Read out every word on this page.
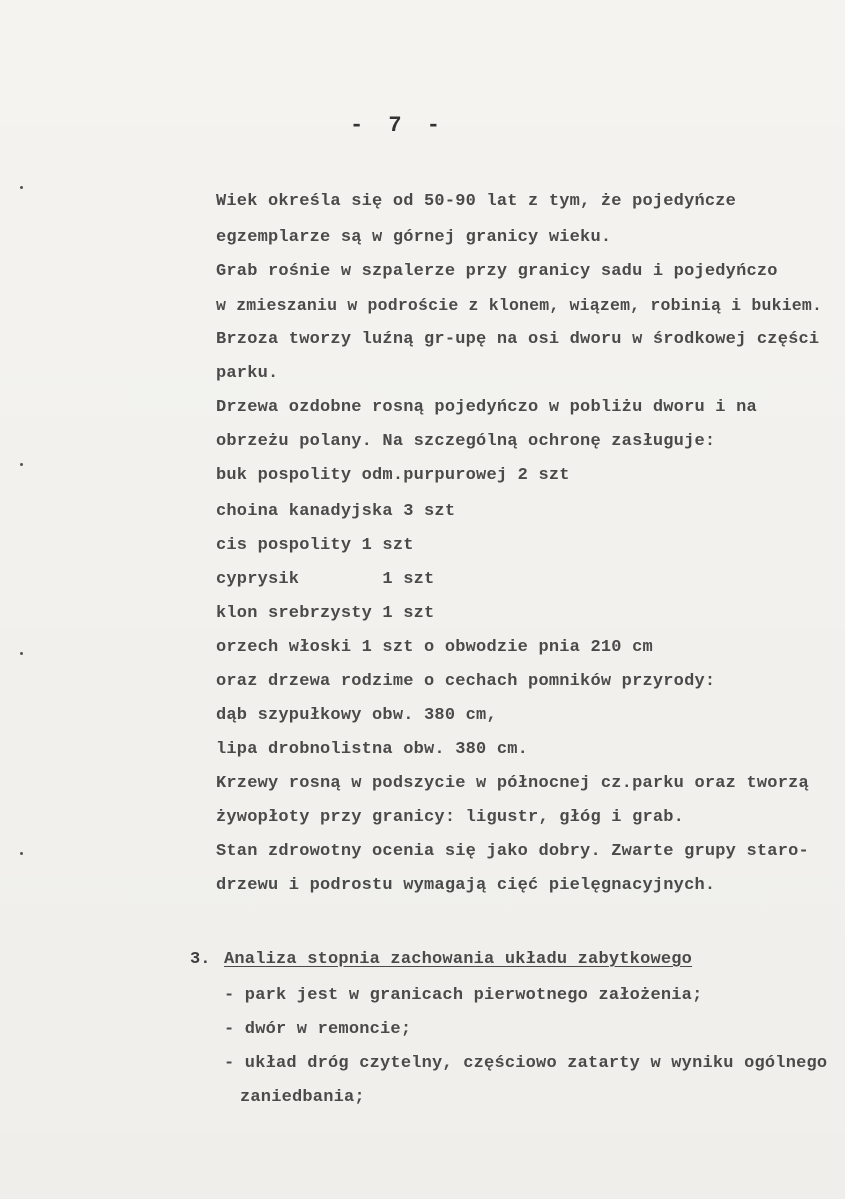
- 7 -
Wiek określa się od 50-90 lat z tym, że pojedyńcze
egzemplarze są w górnej granicy wieku.
Grab rośnie w szpalerze przy granicy sadu i pojedyńczo
w zmieszaniu w podroście z klonem, wiązem, robinią i bukiem.
Brzoza tworzy luźną gr-upę na osi dworu w środkowej części
parku.
Drzewa ozdobne rosną pojedyńczo w pobliżu dworu i na
obrzeżu polany. Na szczególną ochronę zasługuje:
buk pospolity odm.purpurowej 2 szt
choina kanadyjska 3 szt
cis pospolity 1 szt
cyprysik        1 szt
klon srebrzysty 1 szt
orzech włoski 1 szt o obwodzie pnia 210 cm
oraz drzewa rodzime o cechach pomników przyrody:
dąb szypułkowy obw. 380 cm,
lipa drobnolistna obw. 380 cm.
Krzewy rosną w podszycie w północnej cz.parku oraz tworzą
żywopłoty przy granicy: ligustr, głóg i grab.
Stan zdrowotny ocenia się jako dobry. Zwarte grupy staro-
drzewu i podrostu wymagają cięć pielęgnacyjnych.
3. Analiza stopnia zachowania układu zabytkowego
- park jest w granicach pierwotnego założenia;
- dwór w remoncie;
- układ dróg czytelny, częściowo zatarty w wyniku ogólnego
zaniedbania;
